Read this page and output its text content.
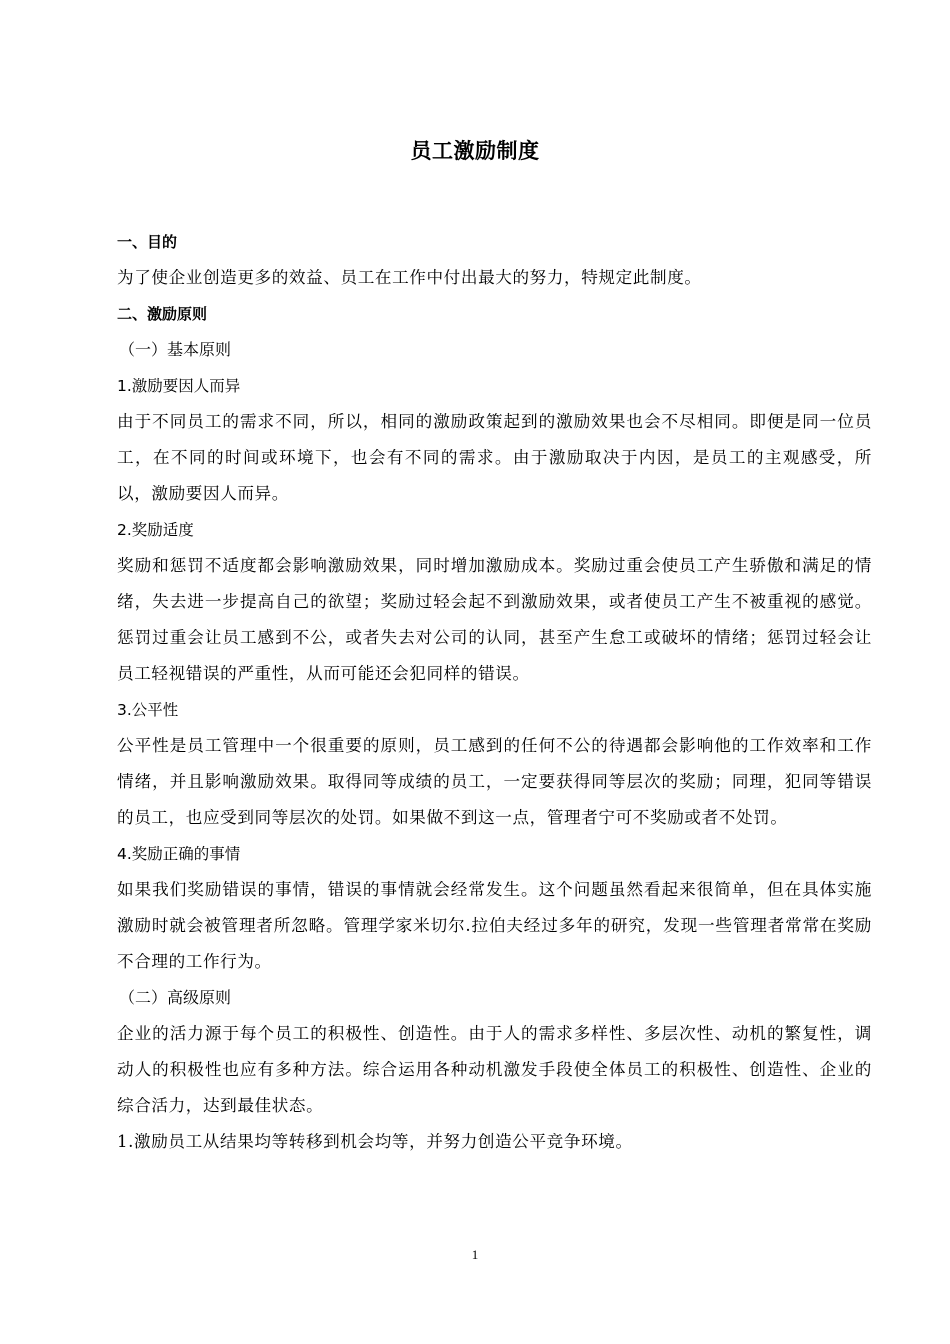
员工激励制度
一、目的

为了使企业创造更多的效益、员工在工作中付出最大的努力，特规定此制度。

二、激励原则
（一）基本原则
1.激励要因人而异

由于不同员工的需求不同，所以，相同的激励政策起到的激励效果也会不尽相同。即便是同一位员工，在不同的时间或环境下，也会有不同的需求。由于激励取决于内因，是员工的主观感受，所以，激励要因人而异。

2.奖励适度

奖励和惩罚不适度都会影响激励效果，同时增加激励成本。奖励过重会使员工产生骄傲和满足的情绪，失去进一步提高自己的欲望；奖励过轻会起不到激励效果，或者使员工产生不被重视的感觉。惩罚过重会让员工感到不公，或者失去对公司的认同，甚至产生怠工或破坏的情绪；惩罚过轻会让员工轻视错误的严重性，从而可能还会犯同样的错误。

3.公平性

公平性是员工管理中一个很重要的原则，员工感到的任何不公的待遇都会影响他的工作效率和工作情绪，并且影响激励效果。取得同等成绩的员工，一定要获得同等层次的奖励；同理，犯同等错误的员工，也应受到同等层次的处罚。如果做不到这一点，管理者宁可不奖励或者不处罚。

4.奖励正确的事情

如果我们奖励错误的事情，错误的事情就会经常发生。这个问题虽然看起来很简单，但在具体实施激励时就会被管理者所忽略。管理学家米切尔.拉伯夫经过多年的研究，发现一些管理者常常在奖励不合理的工作行为。

（二）高级原则

企业的活力源于每个员工的积极性、创造性。由于人的需求多样性、多层次性、动机的繁复性，调动人的积极性也应有多种方法。综合运用各种动机激发手段使全体员工的积极性、创造性、企业的综合活力，达到最佳状态。

1.激励员工从结果均等转移到机会均等，并努力创造公平竞争环境。

1
